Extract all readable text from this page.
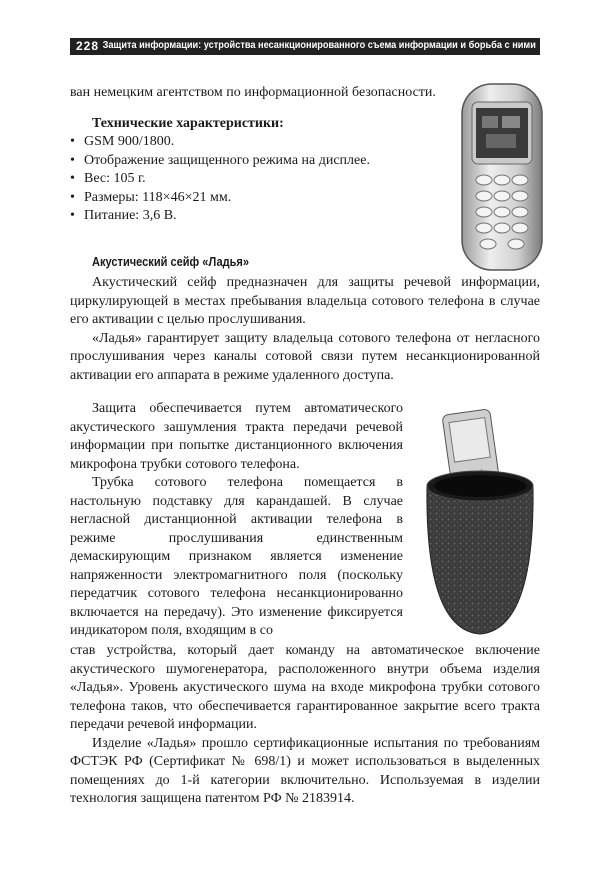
228 Защита информации: устройства несанкционированного съема информации и борьба с ними

ван немецким агентством по информационной безопасности.

Технические характеристики:
• GSM 900/1800.
• Отображение защищенного режима на дисплее.
• Вес: 105 г.
• Размеры: 118×46×21 мм.
• Питание: 3,6 В.
Акустический сейф «Ладья»

Акустический сейф предназначен для защиты речевой информации, циркулирующей в местах пребывания владельца сотового телефона в случае его активации с целью прослушивания.

«Ладья» гарантирует защиту владельца сотового телефона от негласного прослушивания через каналы сотовой связи путем несанкционированной активации его аппарата в режиме удаленного доступа.

Защита обеспечивается путем автоматического акустического зашумления тракта передачи речевой информации при попытке дистанционного включения микрофона трубки сотового телефона.

Трубка сотового телефона помещается в настольную подставку для карандашей. В случае негласной дистанционной активации телефона в режиме прослушивания единственным демаскирующим признаком является изменение напряженности электромагнитного поля (поскольку передатчик сотового телефона несанкционированно включается на передачу). Это изменение фиксируется индикатором поля, входящим в со

став устройства, который дает команду на автоматическое включение акустического шумогенератора, расположенного внутри объема изделия «Ладья». Уровень акустического шума на входе микрофона трубки сотового телефона таков, что обеспечивается гарантированное закрытие всего тракта передачи речевой информации.

Изделие «Ладья» прошло сертификационные испытания по требованиям ФСТЭК РФ (Сертификат № 698/1) и может использоваться в выделенных помещениях до 1-й категории включительно. Используемая в изделии технология защищена патентом РФ № 2183914.
